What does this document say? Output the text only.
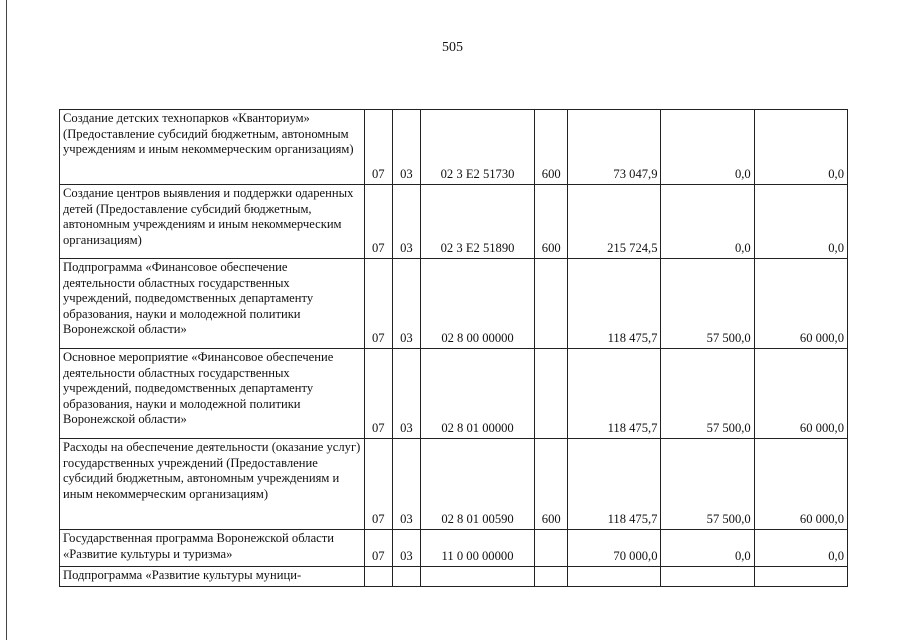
505
Создание детских технопарков «Кванториум» (Предоставление субсидий бюджетным, автономным учреждениям и иным некоммерческим организациям)	07	03	02 3 E2 51730	600	73 047,9	0,0	0,0
Создание центров выявления и поддержки одаренных детей (Предоставление субсидий бюджетным, автономным учреждениям и иным некоммерческим организациям)	07	03	02 3 E2 51890	600	215 724,5	0,0	0,0
Подпрограмма «Финансовое обеспечение деятельности областных государственных учреждений, подведомственных департаменту образования, науки и молодежной политики Воронежской области»	07	03	02 8 00 00000		118 475,7	57 500,0	60 000,0
Основное мероприятие «Финансовое обеспечение деятельности областных государственных учреждений, подведомственных департаменту образования, науки и молодежной политики Воронежской области»	07	03	02 8 01 00000		118 475,7	57 500,0	60 000,0
Расходы на обеспечение деятельности (оказание услуг) государственных учреждений (Предоставление субсидий бюджетным, автономным учреждениям и иным некоммерческим организациям)	07	03	02 8 01 00590	600	118 475,7	57 500,0	60 000,0
Государственная программа Воронежской области «Развитие культуры и туризма»	07	03	11 0 00 00000		70 000,0	0,0	0,0
Подпрограмма «Развитие культуры муници-							
